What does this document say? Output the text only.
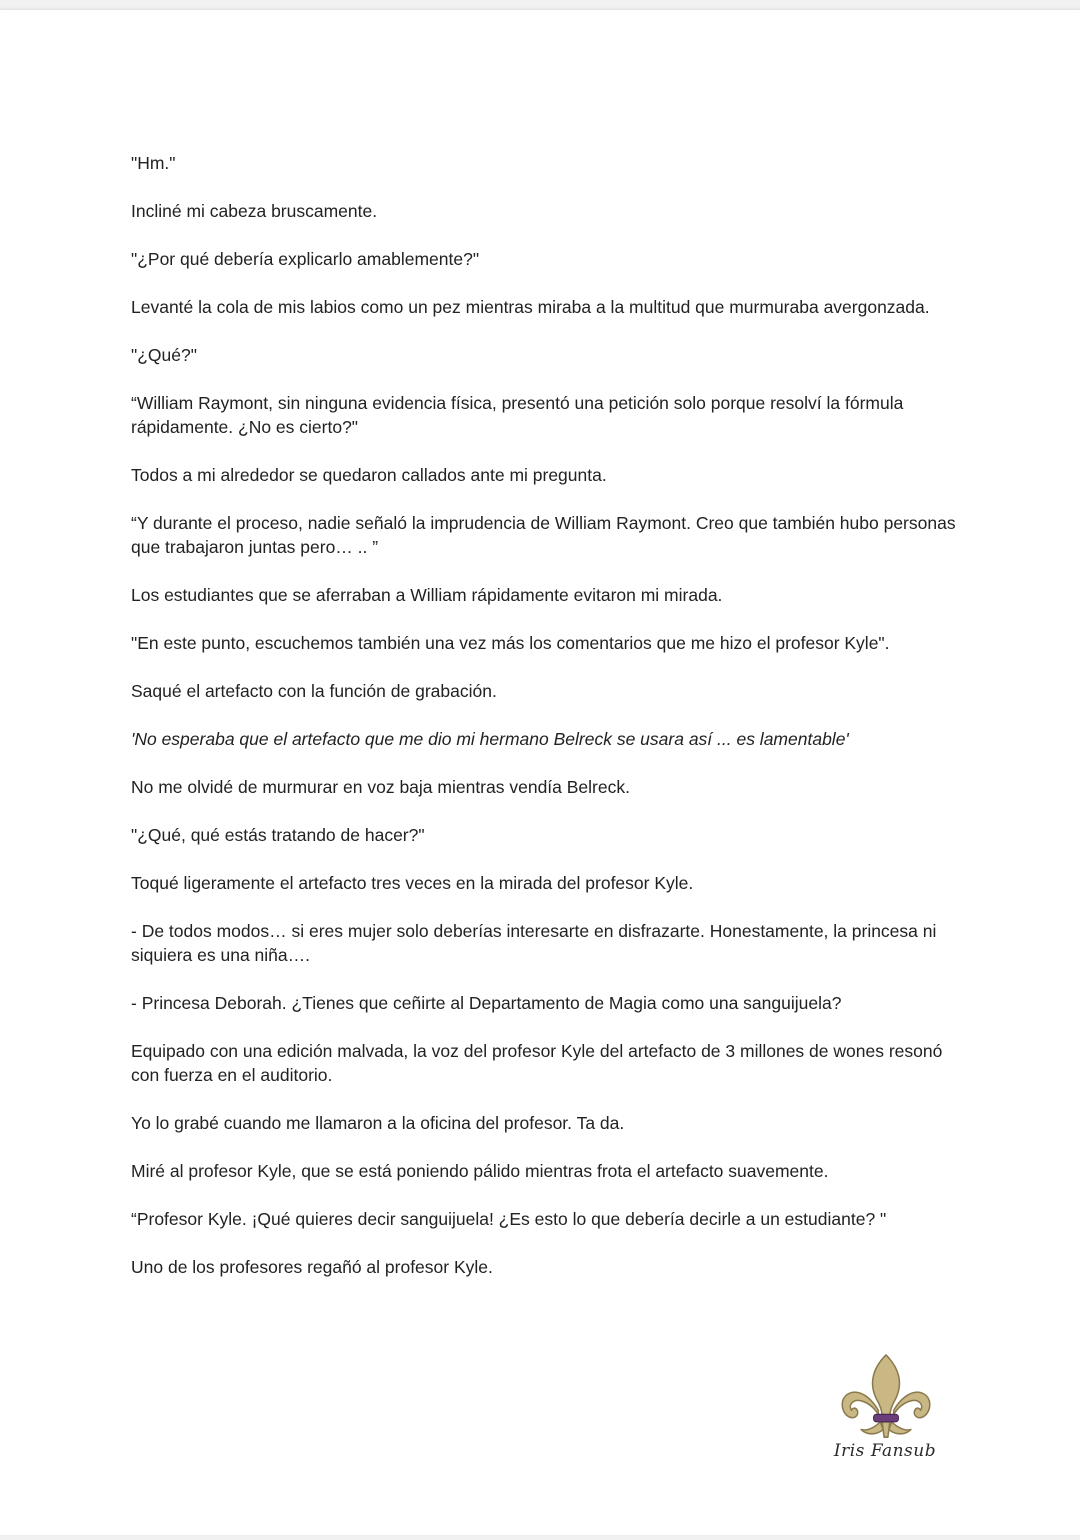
"Hm."

Incliné mi cabeza bruscamente.

"¿Por qué debería explicarlo amablemente?"

Levanté la cola de mis labios como un pez mientras miraba a la multitud que murmuraba avergonzada.

"¿Qué?"

“William Raymont, sin ninguna evidencia física, presentó una petición solo porque resolví la fórmula rápidamente. ¿No es cierto?"

Todos a mi alrededor se quedaron callados ante mi pregunta.

“Y durante el proceso, nadie señaló la imprudencia de William Raymont. Creo que también hubo personas que trabajaron juntas pero… .. ”

Los estudiantes que se aferraban a William rápidamente evitaron mi mirada.

"En este punto, escuchemos también una vez más los comentarios que me hizo el profesor Kyle".

Saqué el artefacto con la función de grabación.

'No esperaba que el artefacto que me dio mi hermano Belreck se usara así ... es lamentable'

No me olvidé de murmurar en voz baja mientras vendía Belreck.

"¿Qué, qué estás tratando de hacer?"

Toqué ligeramente el artefacto tres veces en la mirada del profesor Kyle.

- De todos modos… si eres mujer solo deberías interesarte en disfrazarte. Honestamente, la princesa ni siquiera es una niña….

- Princesa Deborah. ¿Tienes que ceñirte al Departamento de Magia como una sanguijuela?

Equipado con una edición malvada, la voz del profesor Kyle del artefacto de 3 millones de wones resonó con fuerza en el auditorio.

Yo lo grabé cuando me llamaron a la oficina del profesor. Ta da.

Miré al profesor Kyle, que se está poniendo pálido mientras frota el artefacto suavemente.

“Profesor Kyle. ¡Qué quieres decir sanguijuela! ¿Es esto lo que debería decirle a un estudiante? "

Uno de los profesores regañó al profesor Kyle.

Iris Fansub
